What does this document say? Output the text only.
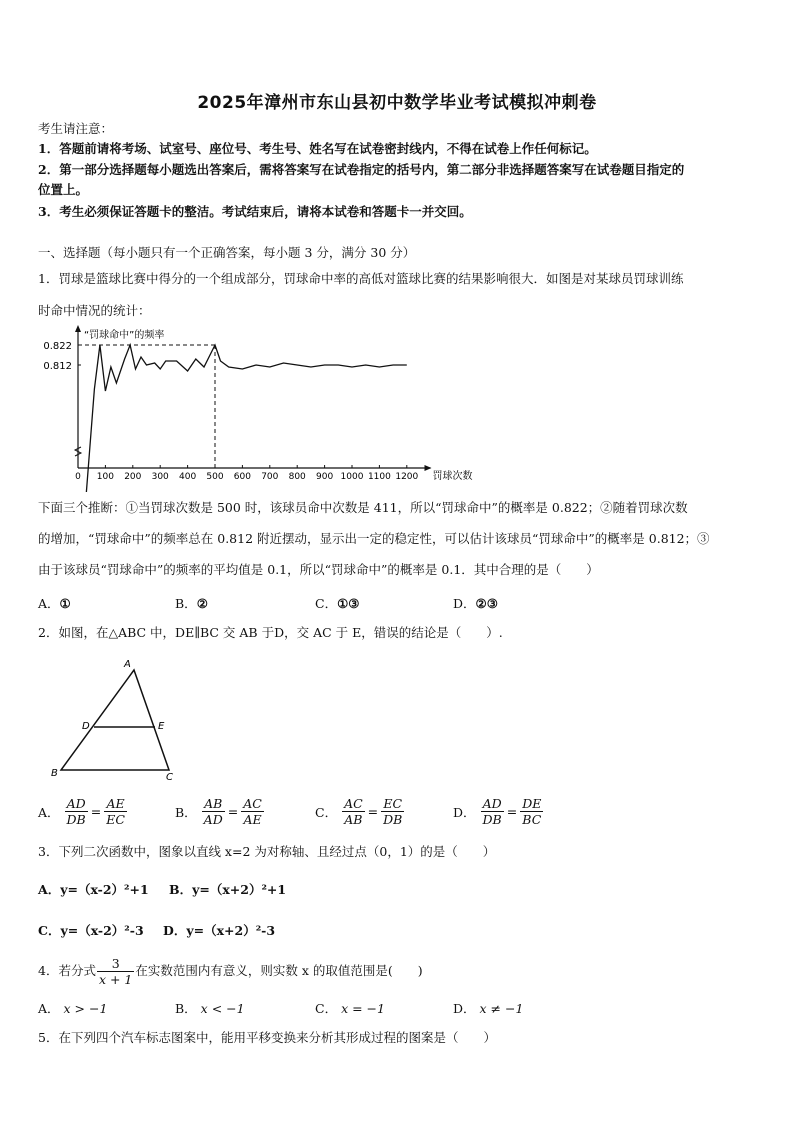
2025年漳州市东山县初中数学毕业考试模拟冲刺卷
考生请注意：
1．答题前请将考场、试室号、座位号、考生号、姓名写在试卷密封线内，不得在试卷上作任何标记。
2．第一部分选择题每小题选出答案后，需将答案写在试卷指定的括号内，第二部分非选择题答案写在试卷题目指定的
位置上。
3．考生必须保证答题卡的整洁。考试结束后，请将本试卷和答题卡一并交回。
一、选择题（每小题只有一个正确答案，每小题 3 分，满分 30 分）
1．罚球是篮球比赛中得分的一个组成部分，罚球命中率的高低对篮球比赛的结果影响很大．如图是对某球员罚球训练
时命中情况的统计：
“罚球命中”的频率
罚球次数
0.822
0.812
0 100 200 300 400 500 600 700 800 900 1000 1100 1200
下面三个推断：①当罚球次数是 500 时，该球员命中次数是 411，所以“罚球命中”的概率是 0.822；②随着罚球次数
的增加，“罚球命中”的频率总在 0.812 附近摆动，显示出一定的稳定性，可以估计该球员“罚球命中”的概率是 0.812；③
由于该球员“罚球命中”的频率的平均值是 0.1，所以“罚球命中”的概率是 0.1．其中合理的是（　　）
A．①	B．②	C．①③	D．②③
2．如图，在△ABC 中，DE∥BC 交 AB 于D，交 AC 于 E，错误的结论是（　　）.
A
D	E
B	C
A． $\frac{AD}{DB} = \frac{AE}{EC}$	B． $\frac{AB}{AD} = \frac{AC}{AE}$	C． $\frac{AC}{AB} = \frac{EC}{DB}$	D． $\frac{AD}{DB} = \frac{DE}{BC}$
3．下列二次函数中，图象以直线 x=2 为对称轴、且经过点（0，1）的是（　　）
A．y=（x-2）²+1 B．y=（x+2）²+1
C．y=（x-2）²-3 D．y=（x+2）²-3
4．若分式 $\frac{3}{x + 1}$ 在实数范围内有意义，则实数 x 的取值范围是(　　)
A． x > −1	B． x < −1	C． x = −1	D． x ≠ −1
5．在下列四个汽车标志图案中，能用平移变换来分析其形成过程的图案是（　　）
